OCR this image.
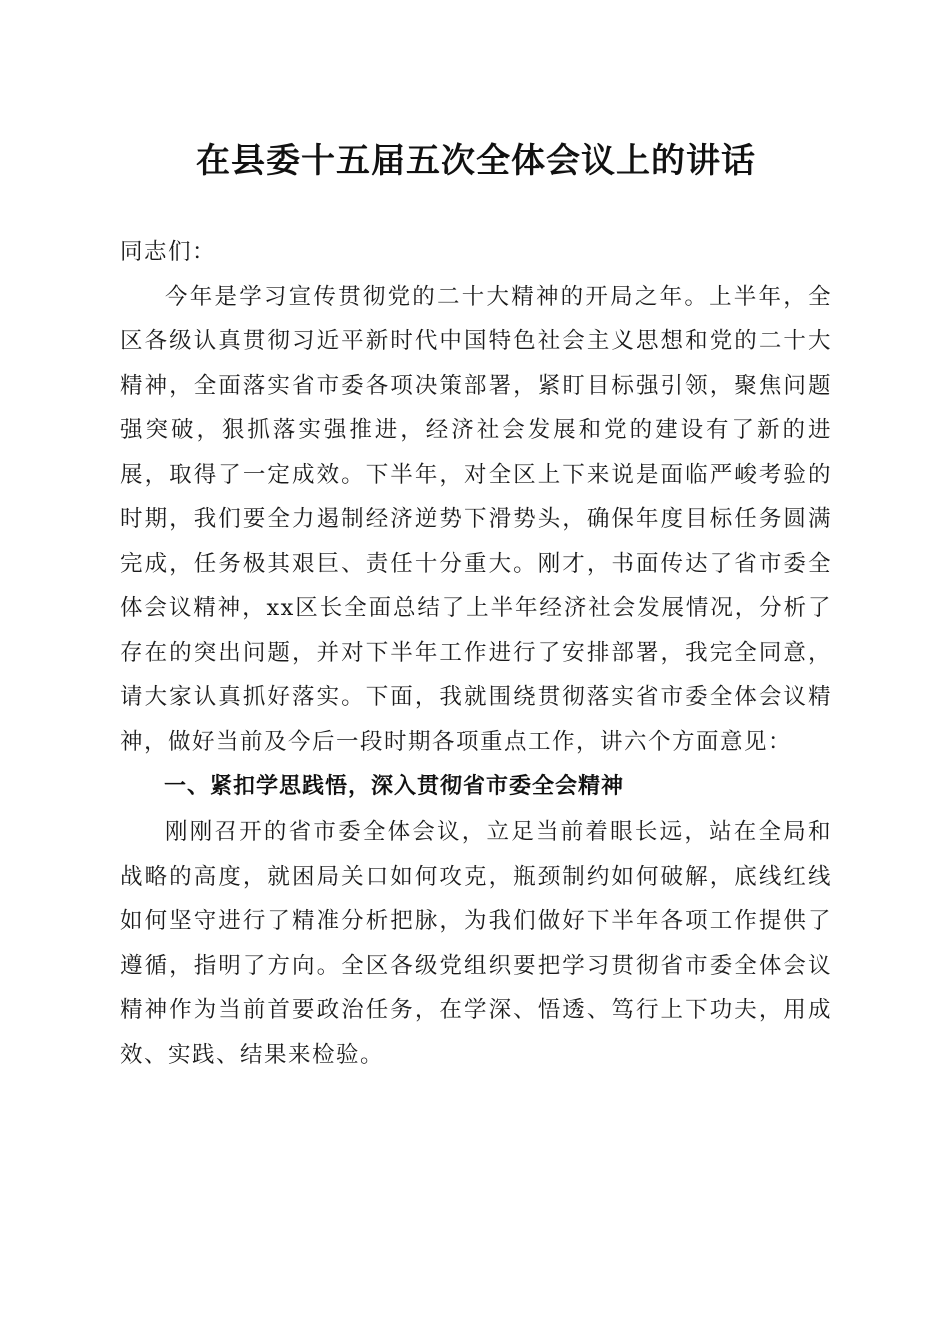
在县委十五届五次全体会议上的讲话

同志们：

今年是学习宣传贯彻党的二十大精神的开局之年。上半年，全区各级认真贯彻习近平新时代中国特色社会主义思想和党的二十大精神，全面落实省市委各项决策部署，紧盯目标强引领，聚焦问题强突破，狠抓落实强推进，经济社会发展和党的建设有了新的进展，取得了一定成效。下半年，对全区上下来说是面临严峻考验的时期，我们要全力遏制经济逆势下滑势头，确保年度目标任务圆满完成，任务极其艰巨、责任十分重大。刚才，书面传达了省市委全体会议精神，xx区长全面总结了上半年经济社会发展情况，分析了存在的突出问题，并对下半年工作进行了安排部署，我完全同意，请大家认真抓好落实。下面，我就围绕贯彻落实省市委全体会议精神，做好当前及今后一段时期各项重点工作，讲六个方面意见：

一、紧扣学思践悟，深入贯彻省市委全会精神

刚刚召开的省市委全体会议，立足当前着眼长远，站在全局和战略的高度，就困局关口如何攻克，瓶颈制约如何破解，底线红线如何坚守进行了精准分析把脉，为我们做好下半年各项工作提供了遵循，指明了方向。全区各级党组织要把学习贯彻省市委全体会议精神作为当前首要政治任务，在学深、悟透、笃行上下功夫，用成效、实践、结果来检验。
